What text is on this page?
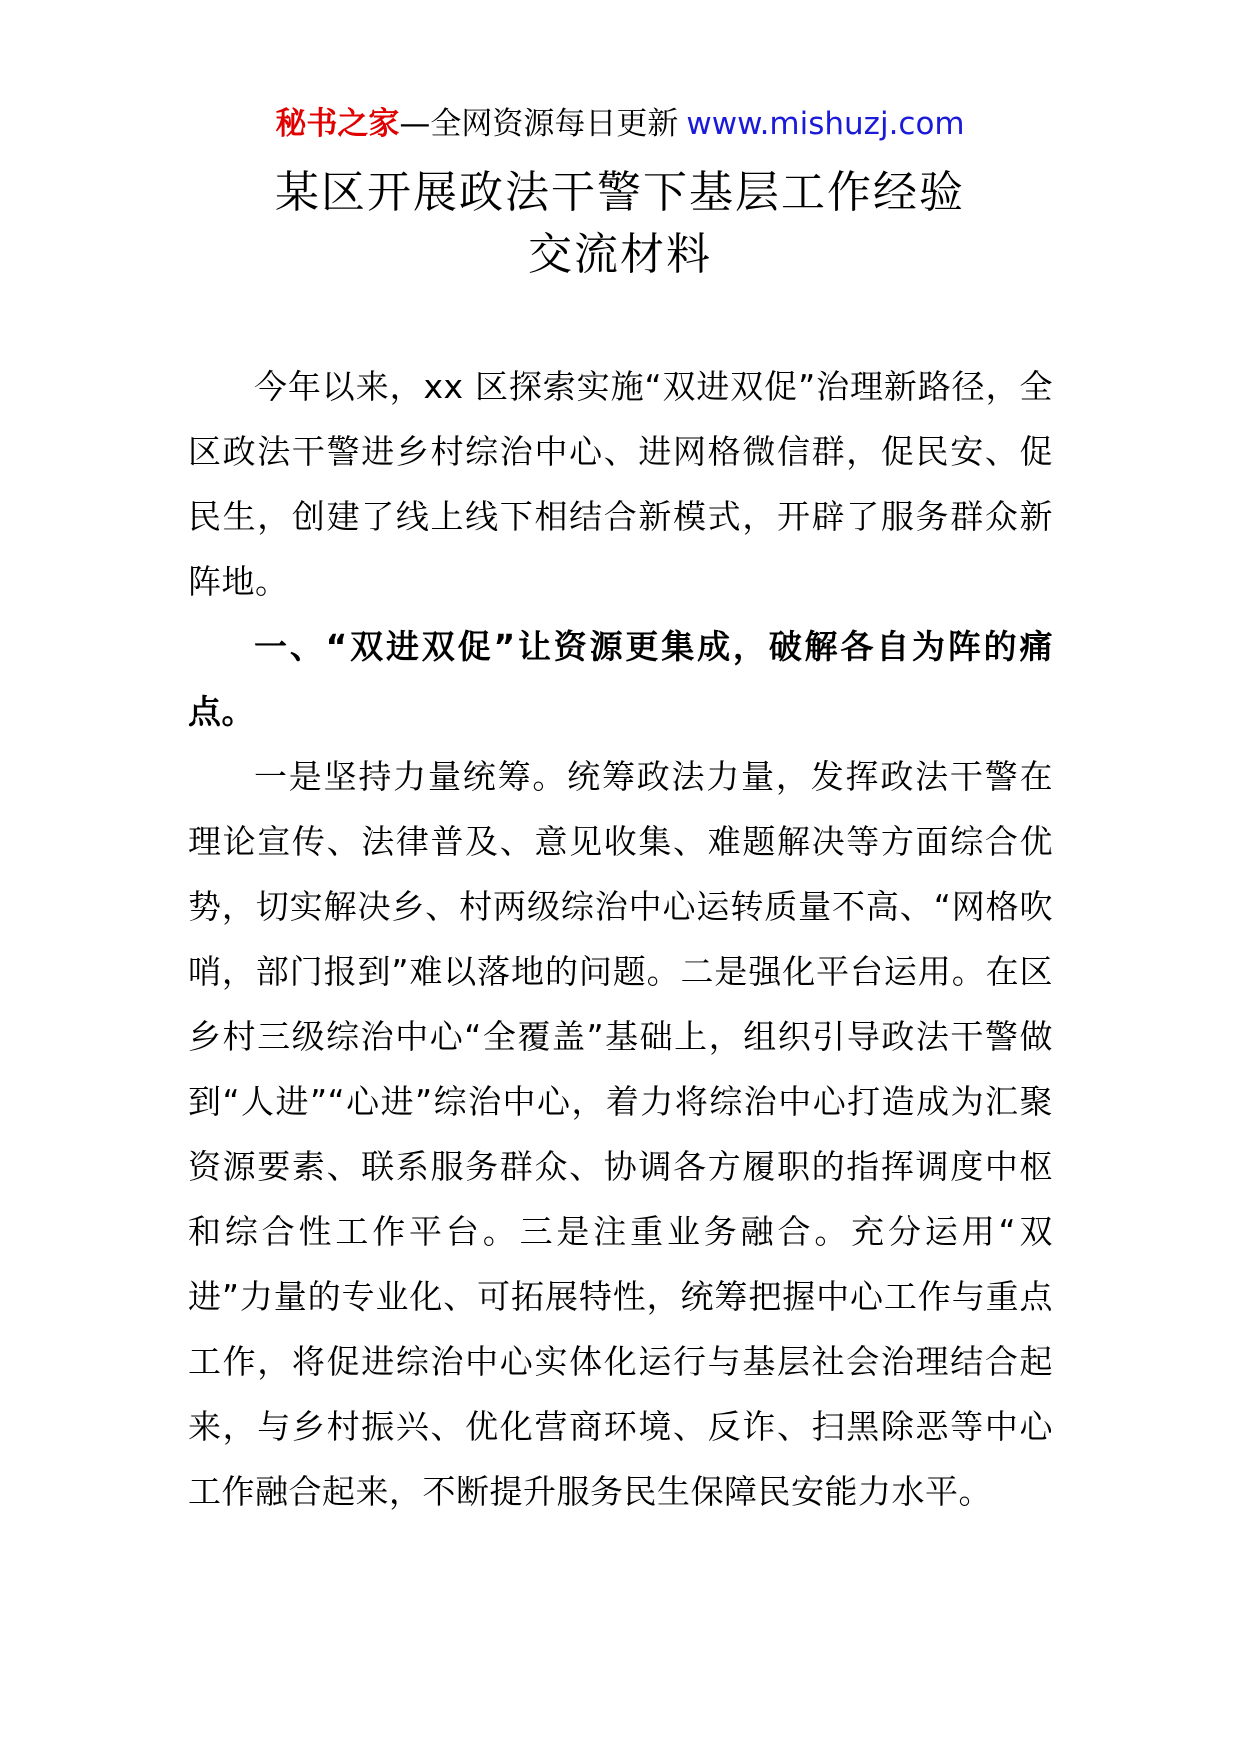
秘书之家—全网资源每日更新 www.mishuzj.com
某区开展政法干警下基层工作经验
交流材料

今年以来，xx 区探索实施“双进双促”治理新路径，全区政法干警进乡村综治中心、进网格微信群，促民安、促民生，创建了线上线下相结合新模式，开辟了服务群众新阵地。

一、“双进双促”让资源更集成，破解各自为阵的痛点。

一是坚持力量统筹。统筹政法力量，发挥政法干警在理论宣传、法律普及、意见收集、难题解决等方面综合优势，切实解决乡、村两级综治中心运转质量不高、“网格吹哨，部门报到”难以落地的问题。二是强化平台运用。在区乡村三级综治中心“全覆盖”基础上，组织引导政法干警做到“人进”“心进”综治中心，着力将综治中心打造成为汇聚资源要素、联系服务群众、协调各方履职的指挥调度中枢和综合性工作平台。三是注重业务融合。充分运用“双进”力量的专业化、可拓展特性，统筹把握中心工作与重点工作，将促进综治中心实体化运行与基层社会治理结合起来，与乡村振兴、优化营商环境、反诈、扫黑除恶等中心工作融合起来，不断提升服务民生保障民安能力水平。
